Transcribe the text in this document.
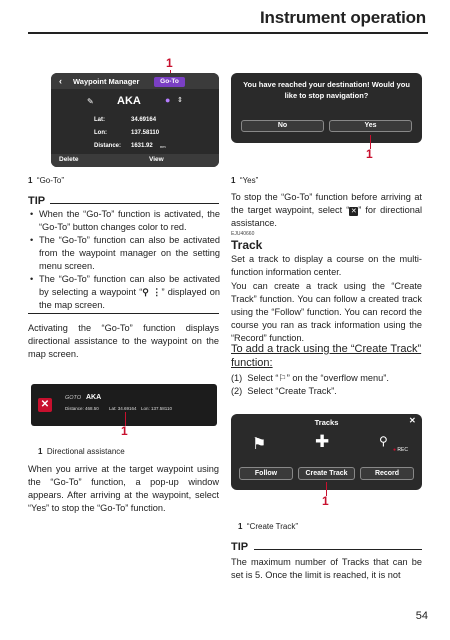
Instrument operation
1
‹ Waypoint Manager	Go-To
✎ AKA	● ⇕
Lat:	34.69164
Lon:	137.58110
Distance: 1631.92 nm
Delete	View
1 “Go-To”
TIP
• When the “Go-To” function is activated, the “Go-To” button changes color to red.
• The “Go-To” function can also be activated from the waypoint manager on the setting menu screen.
• The “Go-To” function can also be activated by selecting a waypoint “⚲ ⋮” displayed on the map screen.
Activating the “Go-To” function displays directional assistance to the waypoint on the map screen.
✕
GOTO AKA
Distance: 468.50 Lat: 34.69164 Lon: 137.58110
1
1 Directional assistance
When you arrive at the target waypoint using the “Go-To” function, a pop-up window appears. After arriving at the waypoint, select “Yes” to stop the “Go-To” function.
You have reached your destination! Would you like to stop navigation?
No	Yes
1
1 “Yes”
To stop the “Go-To” function before arriving at the target waypoint, select “ ✕ ” for directional assistance.
EJU40660
Track
Set a track to display a course on the multi-function information center.
You can create a track using the “Create Track” function. You can follow a created track using the “Follow” function. You can record the course you ran as track information using the “Record” function.
To add a track using the “Create Track” function:
(1) Select “⚐” on the “overflow menu”.
(2) Select “Create Track”.
Tracks	✕
⚑	✚	⚲
● REC
Follow	Create Track	Record
1
1 “Create Track”
TIP
The maximum number of Tracks that can be set is 5. Once the limit is reached, it is not
54
